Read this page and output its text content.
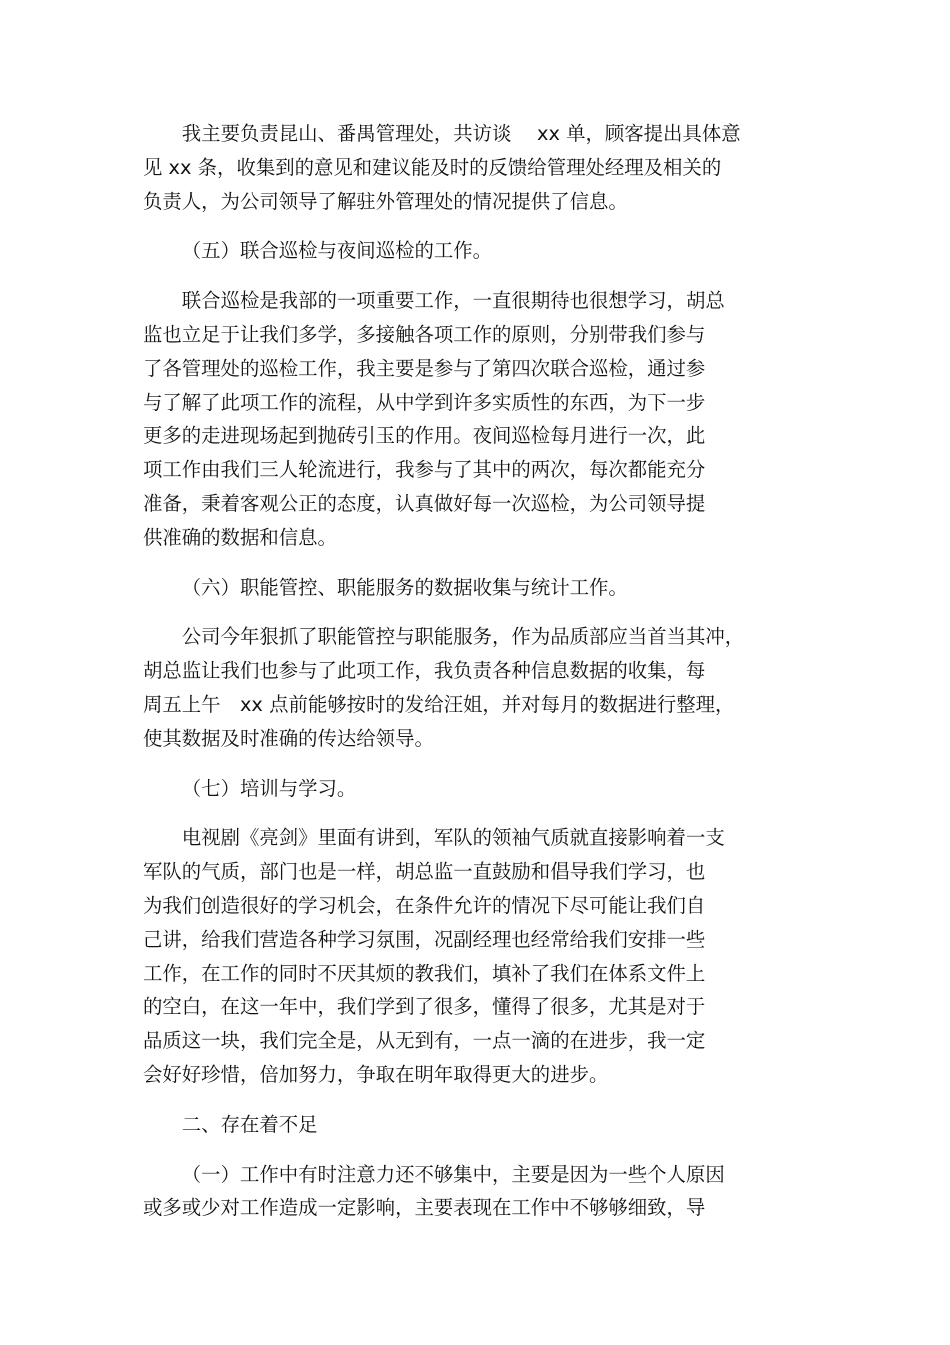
我主要负责昆山、番禺管理处，共访谈　 xx 单，顾客提出具体意
见 xx 条，收集到的意见和建议能及时的反馈给管理处经理及相关的
负责人，为公司领导了解驻外管理处的情况提供了信息。
（五）联合巡检与夜间巡检的工作。
联合巡检是我部的一项重要工作，一直很期待也很想学习，胡总
监也立足于让我们多学，多接触各项工作的原则，分别带我们参与
了各管理处的巡检工作，我主要是参与了第四次联合巡检，通过参
与了解了此项工作的流程，从中学到许多实质性的东西，为下一步
更多的走进现场起到抛砖引玉的作用。夜间巡检每月进行一次，此
项工作由我们三人轮流进行，我参与了其中的两次，每次都能充分
准备，秉着客观公正的态度，认真做好每一次巡检，为公司领导提
供准确的数据和信息。
（六）职能管控、职能服务的数据收集与统计工作。
公司今年狠抓了职能管控与职能服务，作为品质部应当首当其冲，
胡总监让我们也参与了此项工作，我负责各种信息数据的收集，每
周五上午　xx 点前能够按时的发给汪姐，并对每月的数据进行整理，
使其数据及时准确的传达给领导。
（七）培训与学习。
电视剧《亮剑》里面有讲到，军队的领袖气质就直接影响着一支
军队的气质，部门也是一样，胡总监一直鼓励和倡导我们学习，也
为我们创造很好的学习机会，在条件允许的情况下尽可能让我们自
己讲，给我们营造各种学习氛围，况副经理也经常给我们安排一些
工作，在工作的同时不厌其烦的教我们，填补了我们在体系文件上
的空白，在这一年中，我们学到了很多，懂得了很多，尤其是对于
品质这一块，我们完全是，从无到有，一点一滴的在进步，我一定
会好好珍惜，倍加努力，争取在明年取得更大的进步。
二、存在着不足
（一）工作中有时注意力还不够集中，主要是因为一些个人原因
或多或少对工作造成一定影响，主要表现在工作中不够够细致，导
